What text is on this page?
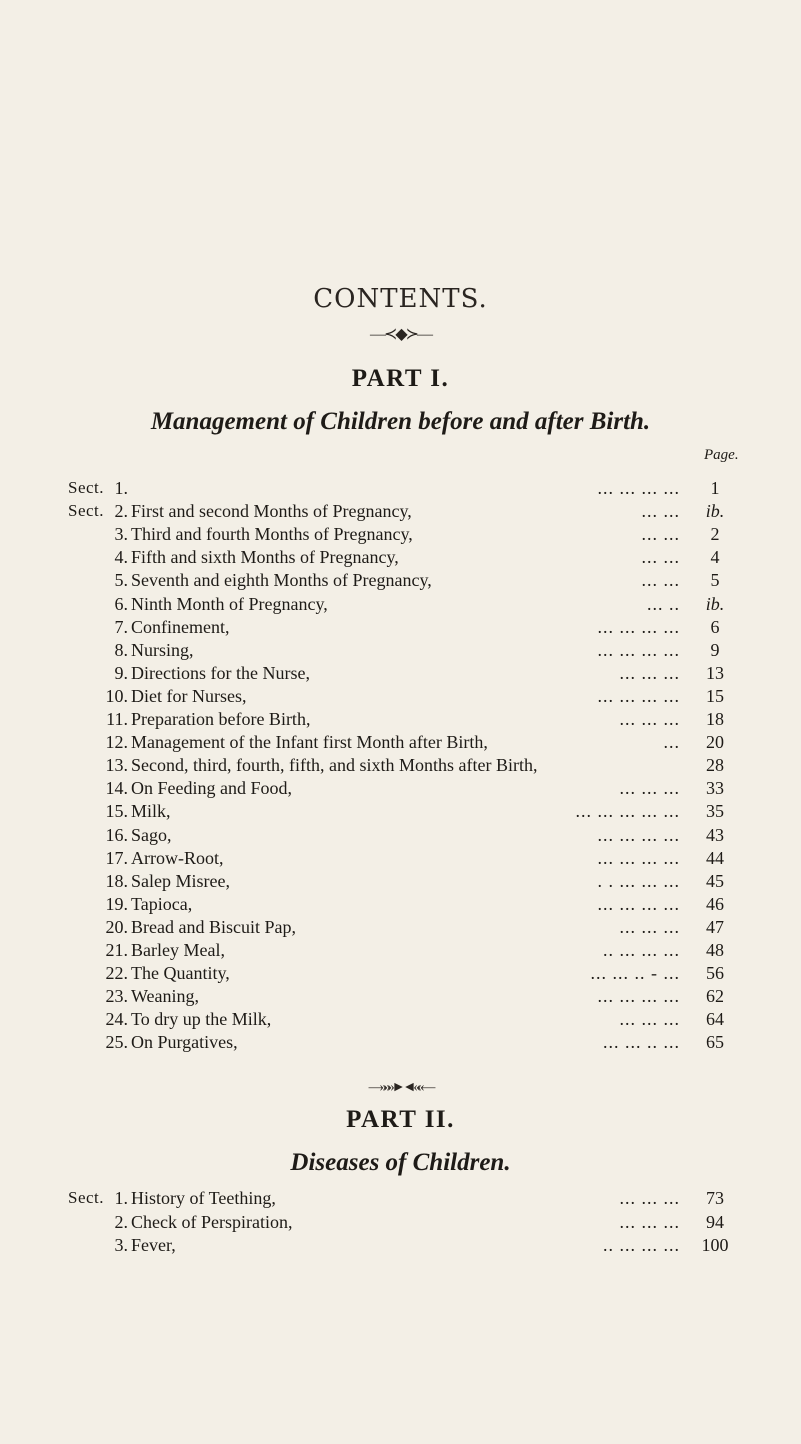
CONTENTS.
—≺◆≻—
PART I.
Management of Children before and after Birth.
Page.
Sect. 1.	... ... ... ...	1
Sect. 2. First and second Months of Pregnancy,	... ...	ib.
3. Third and fourth Months of Pregnancy,	... ...	2
4. Fifth and sixth Months of Pregnancy,	... ...	4
5. Seventh and eighth Months of Pregnancy,	... ...	5
6. Ninth Month of Pregnancy,	... ..	ib.
7. Confinement,	... ... ... ...	6
8. Nursing,	... ... ... ...	9
9. Directions for the Nurse,	... ... ...	13
10. Diet for Nurses,	... ... ... ...	15
11. Preparation before Birth,	... ... ...	18
12. Management of the Infant first Month after Birth,	...	20
13. Second, third, fourth, fifth, and sixth Months after Birth,	28
14. On Feeding and Food,	... ... ...	33
15. Milk,	... ... ... ... ...	35
16. Sago,	... ... ... ...	43
17. Arrow-Root,	... ... ... ...	44
18. Salep Misree,	. . ... ... ...	45
19. Tapioca,	... ... ... ...	46
20. Bread and Biscuit Pap,	... ... ...	47
21. Barley Meal,	.. ... ... ...	48
22. The Quantity,	... ... .. - ...	56
23. Weaning,	... ... ... ...	62
24. To dry up the Milk,	... ... ...	64
25. On Purgatives,	... ... .. ...	65
—»»»►◄««—
PART II.
Diseases of Children.
Sect. 1. History of Teething,	... ... ...	73
2. Check of Perspiration,	... ... ...	94
3. Fever,	.. ... ... ...	100
